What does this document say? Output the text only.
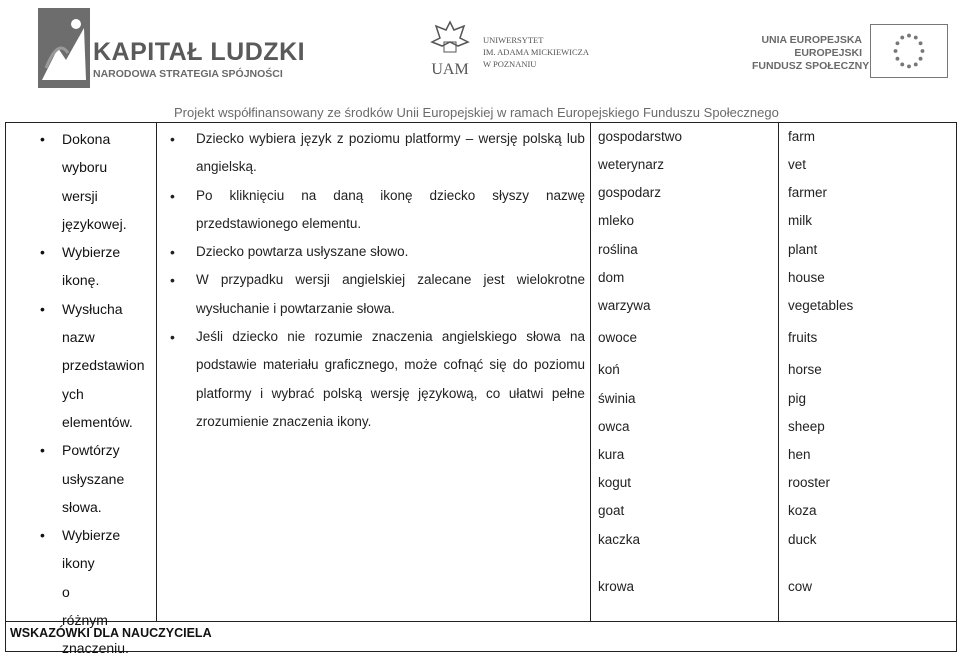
KAPITAŁ LUDZKI
NARODOWA STRATEGIA SPÓJNOŚCI	UAM
UNIWERSYTET
IM. ADAMA MICKIEWICZA
W POZNANIU
UNIA EUROPEJSKA
EUROPEJSKI
FUNDUSZ SPOŁECZNY
Projekt współfinansowany ze środków Unii Europejskiej w ramach Europejskiego Funduszu Społecznego
• Dokona
wyboru
wersji
językowej.
• Wybierze
ikonę.
• Wysłucha
nazw
przedstawion
ych
elementów.
• Powtórzy
usłyszane
słowa.
• Wybierze
ikony o
różnym
znaczeniu.
• Dziecko wybiera język z poziomu platformy – wersję polską lub
angielską.
• Po kliknięciu na daną ikonę dziecko słyszy nazwę
przedstawionego elementu.
• Dziecko powtarza usłyszane słowo.
• W przypadku wersji angielskiej zalecane jest wielokrotne
wysłuchanie i powtarzanie słowa.
• Jeśli dziecko nie rozumie znaczenia angielskiego słowa na
podstawie materiału graficznego, może cofnąć się do poziomu
platformy i wybrać polską wersję językową, co ułatwi pełne
zrozumienie znaczenia ikony.
gospodarstwo	farm
weterynarz	vet
gospodarz	farmer
mleko	milk
roślina	plant
dom	house
warzywa	vegetables
owoce	fruits
koń	horse
świnia	pig
owca	sheep
kura	hen
kogut	rooster
goat	koza
kaczka	duck
krowa	cow
WSKAZÓWKI DLA NAUCZYCIELA
